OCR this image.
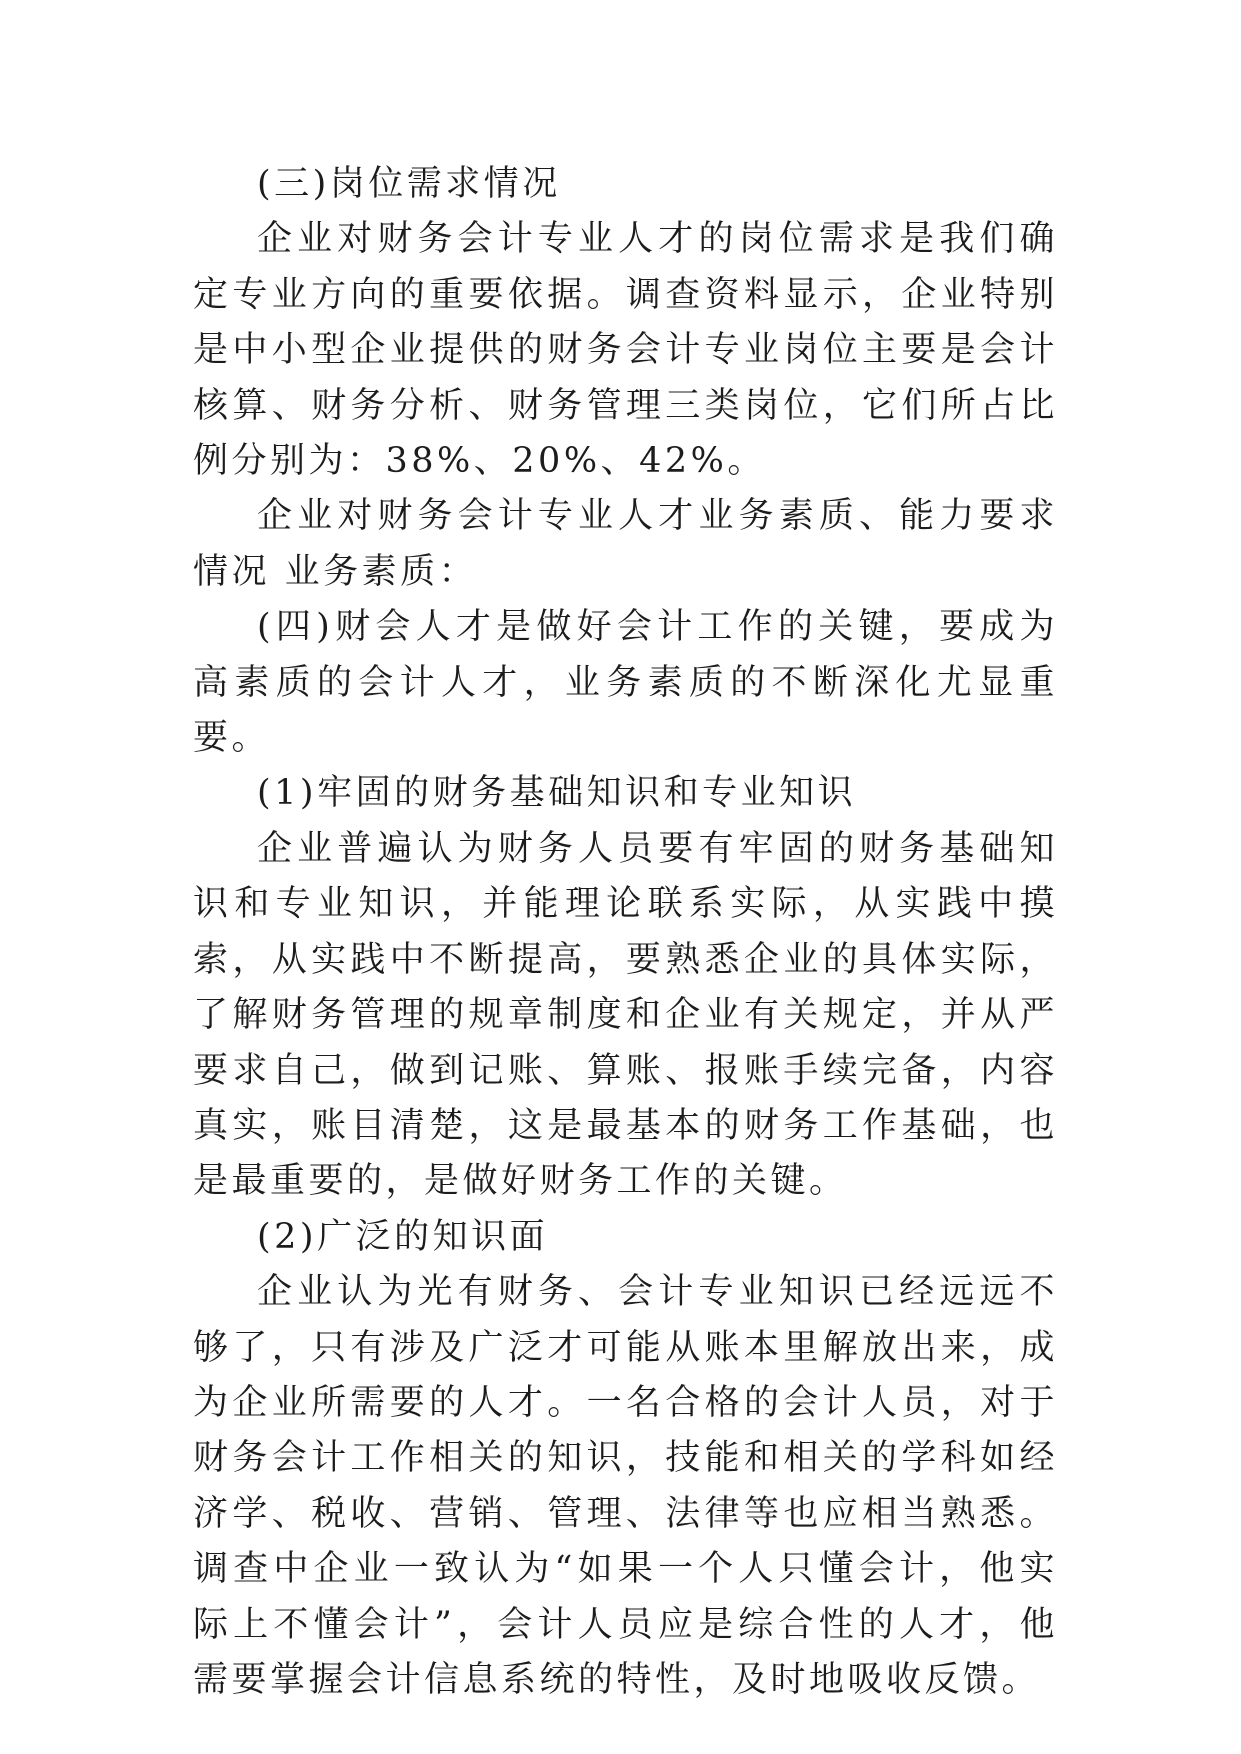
(三)岗位需求情况

企业对财务会计专业人才的岗位需求是我们确定专业方向的重要依据。调查资料显示，企业特别是中小型企业提供的财务会计专业岗位主要是会计核算、财务分析、财务管理三类岗位，它们所占比例分别为：38%、20%、42%。

企业对财务会计专业人才业务素质、能力要求情况 业务素质：

(四)财会人才是做好会计工作的关键，要成为高素质的会计人才，业务素质的不断深化尤显重要。

(1)牢固的财务基础知识和专业知识

企业普遍认为财务人员要有牢固的财务基础知识和专业知识，并能理论联系实际，从实践中摸索，从实践中不断提高，要熟悉企业的具体实际，了解财务管理的规章制度和企业有关规定，并从严要求自己，做到记账、算账、报账手续完备，内容真实，账目清楚，这是最基本的财务工作基础，也是最重要的，是做好财务工作的关键。

(2)广泛的知识面

企业认为光有财务、会计专业知识已经远远不够了，只有涉及广泛才可能从账本里解放出来，成为企业所需要的人才。一名合格的会计人员，对于财务会计工作相关的知识，技能和相关的学科如经济学、税收、营销、管理、法律等也应相当熟悉。调查中企业一致认为“如果一个人只懂会计，他实际上不懂会计”，会计人员应是综合性的人才，他需要掌握会计信息系统的特性，及时地吸收反馈。
